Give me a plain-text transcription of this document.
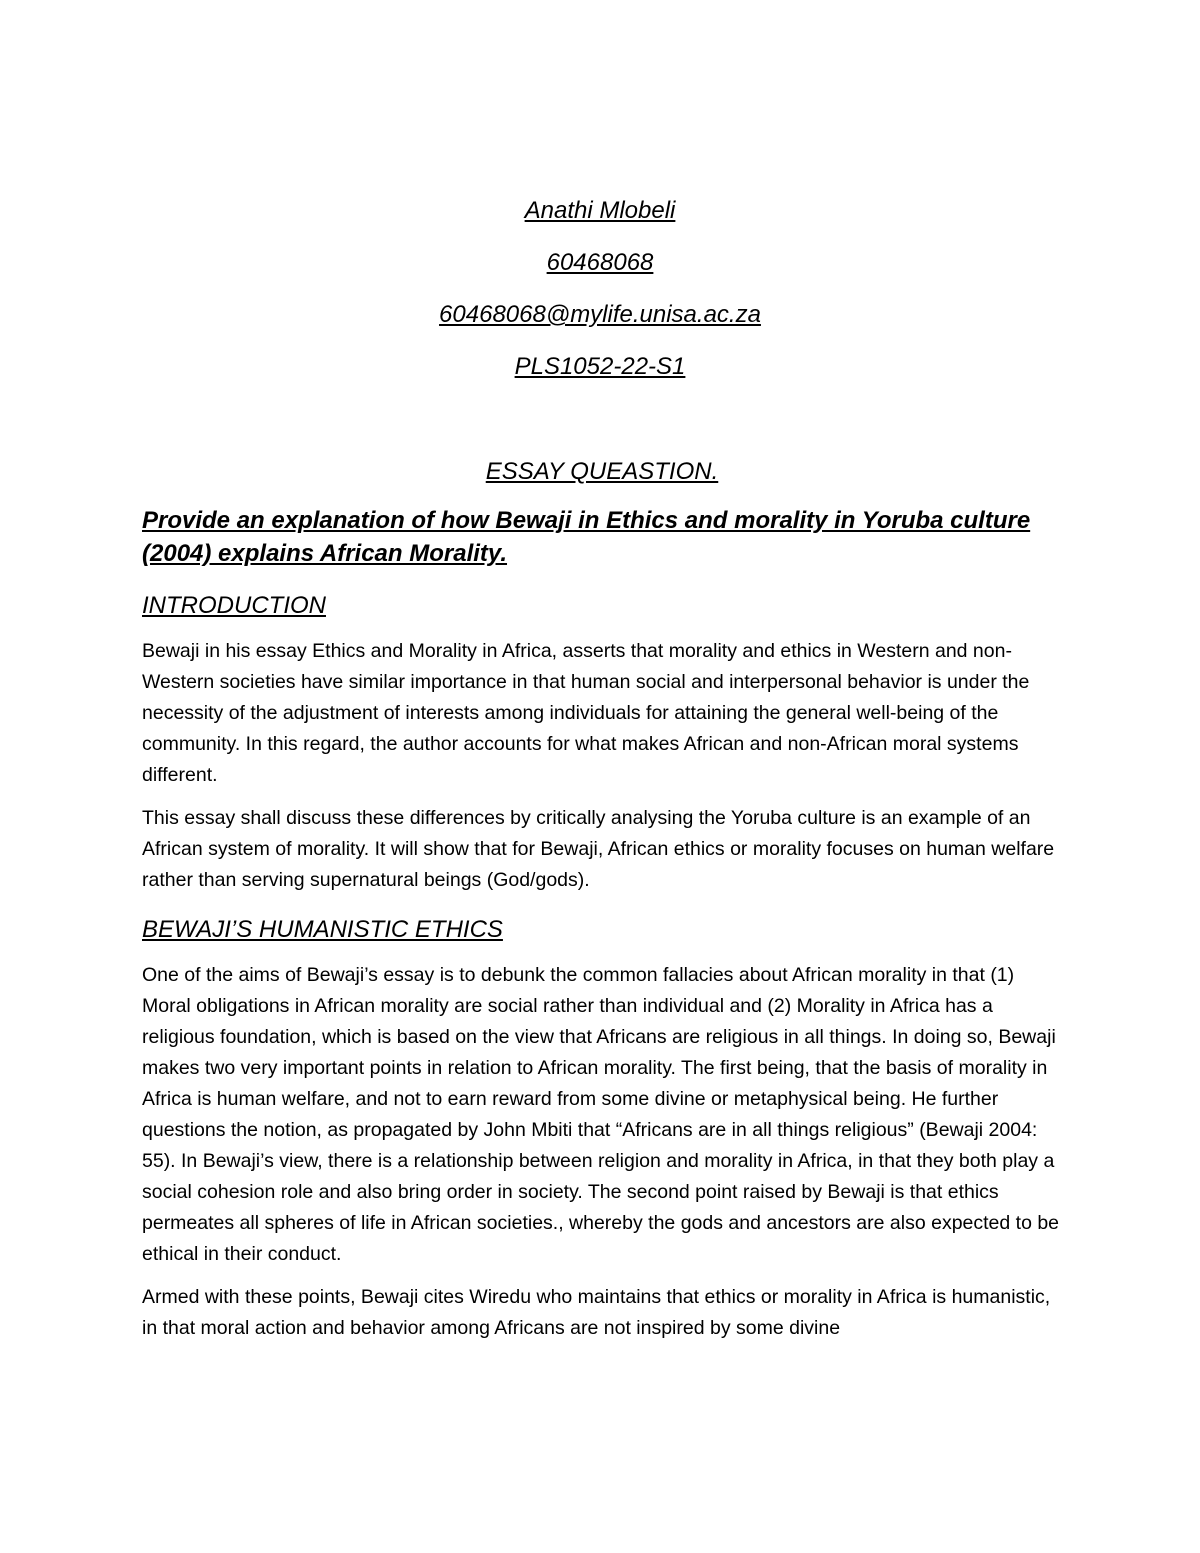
Anathi Mlobeli
60468068
60468068@mylife.unisa.ac.za
PLS1052-22-S1
ESSAY QUEASTION.
Provide an explanation of how Bewaji in Ethics and morality in Yoruba culture (2004) explains African Morality.
INTRODUCTION

Bewaji in his essay Ethics and Morality in Africa, asserts that morality and ethics in Western and non-Western societies have similar importance in that human social and interpersonal behavior is under the necessity of the adjustment of interests among individuals for attaining the general well-being of the community. In this regard, the author accounts for what makes African and non-African moral systems different.

This essay shall discuss these differences by critically analysing the Yoruba culture is an example of an African system of morality. It will show that for Bewaji, African ethics or morality focuses on human welfare rather than serving supernatural beings (God/gods).

BEWAJI’S HUMANISTIC ETHICS

One of the aims of Bewaji’s essay is to debunk the common fallacies about African morality in that (1) Moral obligations in African morality are social rather than individual and (2) Morality in Africa has a religious foundation, which is based on the view that Africans are religious in all things. In doing so, Bewaji makes two very important points in relation to African morality. The first being, that the basis of morality in Africa is human welfare, and not to earn reward from some divine or metaphysical being. He further questions the notion, as propagated by John Mbiti that “Africans are in all things religious” (Bewaji 2004: 55). In Bewaji’s view, there is a relationship between religion and morality in Africa, in that they both play a social cohesion role and also bring order in society. The second point raised by Bewaji is that ethics permeates all spheres of life in African societies., whereby the gods and ancestors are also expected to be ethical in their conduct.

Armed with these points, Bewaji cites Wiredu who maintains that ethics or morality in Africa is humanistic, in that moral action and behavior among Africans are not inspired by some divine
